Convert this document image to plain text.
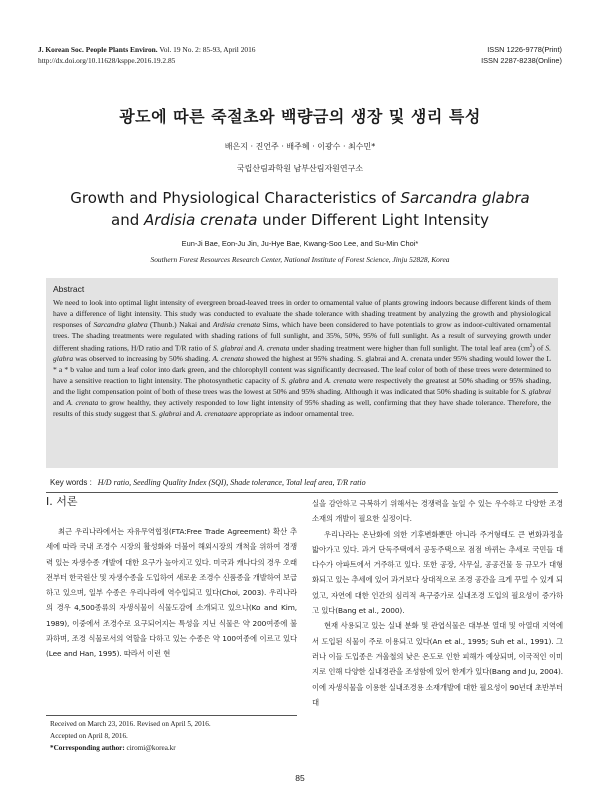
J. Korean Soc. People Plants Environ. Vol. 19 No. 2: 85-93, April 2016
http://dx.doi.org/10.11628/ksppe.2016.19.2.85
ISSN 1226-9778(Print)
ISSN 2287-8238(Online)
광도에 따른 죽절초와 백량금의 생장 및 생리 특성
배은지 · 진언주 · 배주혜 · 이광수 · 최수민*
국립산림과학원 남부산림자원연구소
Growth and Physiological Characteristics of Sarcandra glabra
and Ardisia crenata under Different Light Intensity
Eun-Ji Bae, Eon-Ju Jin, Ju-Hye Bae, Kwang-Soo Lee, and Su-Min Choi*
Southern Forest Resources Research Center, National Institute of Forest Science, Jinju 52828, Korea
Abstract
We need to look into optimal light intensity of evergreen broad-leaved trees in order to ornamental value of plants growing indoors because different kinds of them have a difference of light intensity. This study was conducted to evaluate the shade tolerance with shading treatment by analyzing the growth and physiological responses of Sarcandra glabra (Thunb.) Nakai and Ardisia crenata Sims, which have been considered to have potentials to grow as indoor-cultivated ornamental trees. The shading treatments were regulated with shading rations of full sunlight, and 35%, 50%, 95% of full sunlight. As a result of surveying growth under different shading rations, H/D ratio and T/R ratio of S. glabrai and A. crenata under shading treatment were higher than full sunlight. The total leaf area $(cm^2)$ of S. glabra was observed to increasing by 50% shading. A. crenata showed the highest at 95% shading. S. glabrai and A. crenata under 95% shading would lower the L * a * b value and turn a leaf color into dark green, and the chlorophyll content was significantly decreased. The leaf color of both of these trees were determined to have a sensitive reaction to light intensity. The photosynthetic capacity of S. glabra and A. crenata were respectively the greatest at 50% shading or 95% shading, and the light compensation point of both of these trees was the lowest at 50% and 95% shading. Although it was indicated that 50% shading is suitable for S. glabrai and A. crenata to grow healthy, they actively responded to low light intensity of 95% shading as well, confirming that they have shade tolerance. Therefore, the results of this study suggest that S. glabrai and A. crenataare appropriate as indoor ornamental tree.
Key words : H/D ratio, Seedling Quality Index (SQI), Shade tolerance, Total leaf area, T/R ratio
Ⅰ. 서론

최근 우리나라에서는 자유무역협정(FTA:Free Trade Agreement) 확산 추세에 따라 국내 조경수 시장의 활성화와 더불어 해외시장의 개척을 위하여 경쟁력 있는 자생수종 개발에 대한 요구가 높아지고 있다. 미국과 캐나다의 경우 오래전부터 한국원산 및 자생수종을 도입하여 새로운 조경수 신품종을 개발하여 보급하고 있으며, 일부 수종은 우리나라에 역수입되고 있다(Choi, 2003). 우리나라의 경우 4,500종류의 자생식물이 식물도감에 소개되고 있으나(Ko and Kim, 1989), 이중에서 조경수로 요구되어지는 특성을 지닌 식물은 약 200여종에 불과하며, 조경 식물로서의 역할을 다하고 있는 수종은 약 100여종에 이르고 있다(Lee and Han, 1995). 따라서 이런 현

실을 감안하고 극복하기 위해서는 경쟁력을 높일 수 있는 우수하고 다양한 조경소재의 개발이 필요한 실정이다.

우리나라는 온난화에 의한 기후변화뿐만 아니라 주거형태도 큰 변화과정을 밟아가고 있다. 과거 단독주택에서 공동주택으로 점점 바뀌는 추세로 국민들 대다수가 아파트에서 거주하고 있다. 또한 공장, 사무실, 공공건물 등 규모가 대형화되고 있는 추세에 있어 과거보다 상대적으로 조경 공간을 크게 꾸밀 수 있게 되었고, 자연에 대한 인간의 심리적 욕구증가로 실내조경 도입의 필요성이 증가하고 있다(Bang et al., 2000).

현재 사용되고 있는 실내 분화 및 관엽식물은 대부분 열대 및 아열대 지역에서 도입된 식물이 주로 이용되고 있다(An et al., 1995; Suh et al., 1991). 그러나 이들 도입종은 겨울철의 낮은 온도로 인한 피해가 예상되며, 이국적인 이미지로 인해 다양한 실내경관을 조성함에 있어 한계가 있다(Bang and Ju, 2004). 이에 자생식물을 이용한 실내조경용 소재개발에 대한 필요성이 90년대 초반부터 대

Received on March 23, 2016. Revised on April 5, 2016.
Accepted on April 8, 2016.
*Corresponding author: ciromi@korea.kr
85
